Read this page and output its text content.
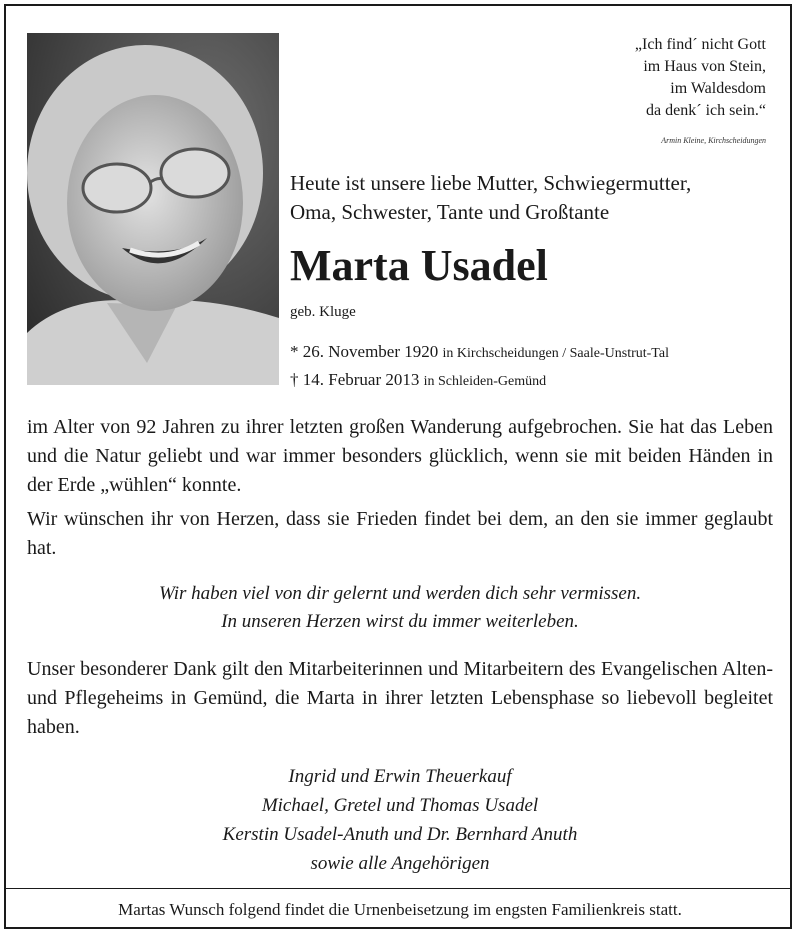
„Ich find´ nicht Gott
im Haus von Stein,
im Waldesdom
da denk´ ich sein.“
Armin Kleine, Kirchscheidungen
Heute ist unsere liebe Mutter, Schwiegermutter,
Oma, Schwester, Tante und Großtante
Marta Usadel
geb. Kluge
* 26. November 1920 in Kirchscheidungen / Saale-Unstrut-Tal
† 14. Februar 2013 in Schleiden-Gemünd
im Alter von 92 Jahren zu ihrer letzten großen Wanderung aufgebrochen. Sie hat das Leben und die Natur geliebt und war immer besonders glücklich, wenn sie mit beiden Händen in der Erde „wühlen“ konnte.
Wir wünschen ihr von Herzen, dass sie Frieden findet bei dem, an den sie immer geglaubt hat.
Wir haben viel von dir gelernt und werden dich sehr vermissen.
In unseren Herzen wirst du immer weiterleben.
Unser besonderer Dank gilt den Mitarbeiterinnen und Mitarbeitern des Evangelischen Alten- und Pflegeheims in Gemünd, die Marta in ihrer letzten Lebensphase so liebevoll begleitet haben.
Ingrid und Erwin Theuerkauf
Michael, Gretel und Thomas Usadel
Kerstin Usadel-Anuth und Dr. Bernhard Anuth
sowie alle Angehörigen
Martas Wunsch folgend findet die Urnenbeisetzung im engsten Familienkreis statt.
